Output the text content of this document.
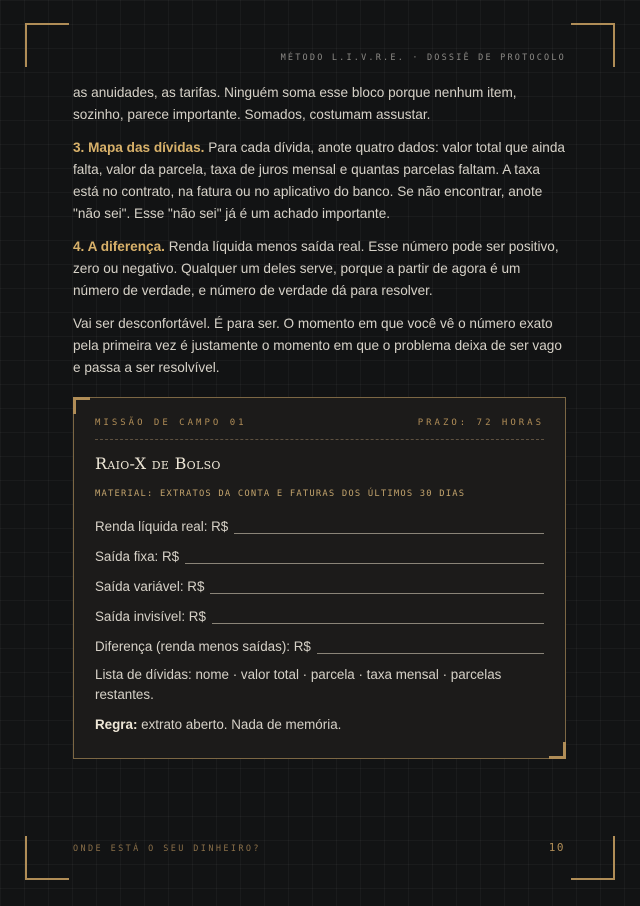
MÉTODO L.I.V.R.E. · DOSSIÊ DE PROTOCOLO

as anuidades, as tarifas. Ninguém soma esse bloco porque nenhum item, sozinho, parece importante. Somados, costumam assustar.

3. Mapa das dívidas. Para cada dívida, anote quatro dados: valor total que ainda falta, valor da parcela, taxa de juros mensal e quantas parcelas faltam. A taxa está no contrato, na fatura ou no aplicativo do banco. Se não encontrar, anote "não sei". Esse "não sei" já é um achado importante.

4. A diferença. Renda líquida menos saída real. Esse número pode ser positivo, zero ou negativo. Qualquer um deles serve, porque a partir de agora é um número de verdade, e número de verdade dá para resolver.

Vai ser desconfortável. É para ser. O momento em que você vê o número exato pela primeira vez é justamente o momento em que o problema deixa de ser vago e passa a ser resolvível.

MISSÃO DE CAMPO 01	PRAZO: 72 HORAS
Raio-X de Bolso
MATERIAL: EXTRATOS DA CONTA E FATURAS DOS ÚLTIMOS 30 DIAS
Renda líquida real: R$
Saída fixa: R$
Saída variável: R$
Saída invisível: R$
Diferença (renda menos saídas): R$
Lista de dívidas: nome · valor total · parcela · taxa mensal · parcelas restantes.
Regra: extrato aberto. Nada de memória.
ONDE ESTÁ O SEU DINHEIRO?	10
